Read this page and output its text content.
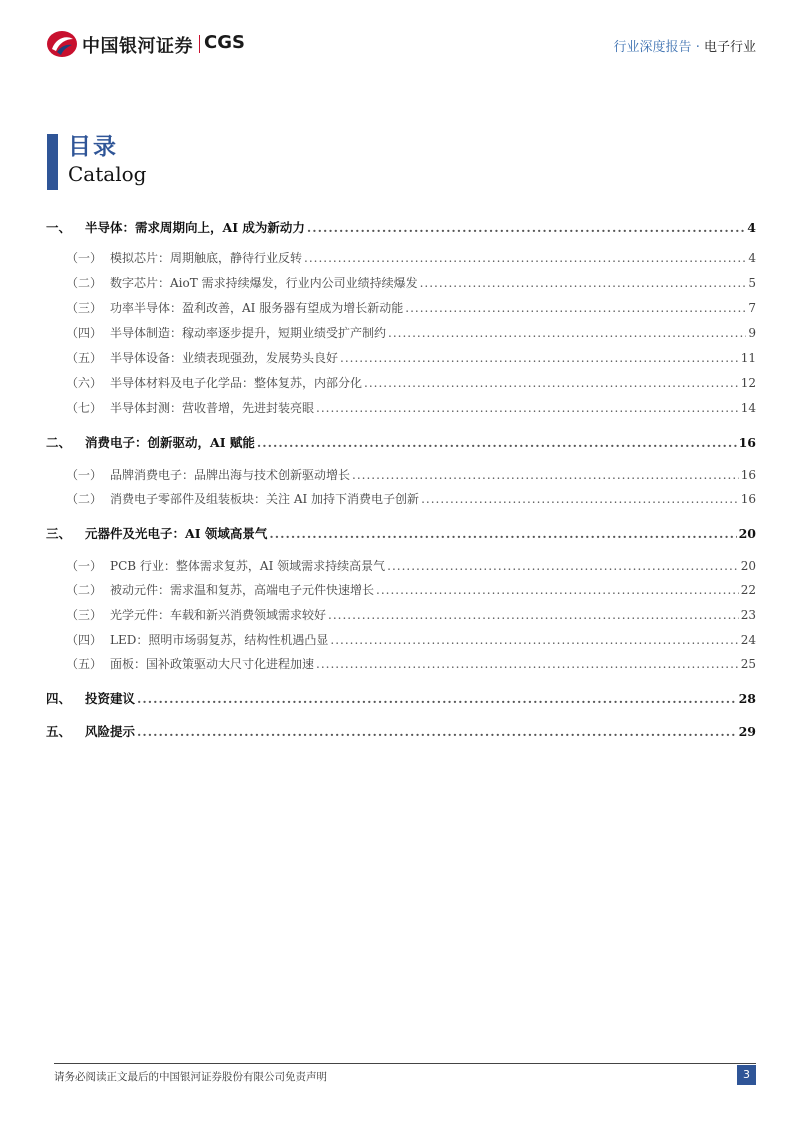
中国银河证券 CGS	行业深度报告 · 电子行业
目录
Catalog
一、 半导体：需求周期向上，AI 成为新动力 .....	4
（一） 模拟芯片：周期触底，静待行业反转 .....	4
（二） 数字芯片：AioT 需求持续爆发，行业内公司业绩持续爆发 .....	5
（三） 功率半导体：盈利改善，AI 服务器有望成为增长新动能 .....	7
（四） 半导体制造：稼动率逐步提升，短期业绩受扩产制约 .....	9
（五） 半导体设备：业绩表现强劲，发展势头良好 .....	11
（六） 半导体材料及电子化学品：整体复苏，内部分化 .....	12
（七） 半导体封测：营收普增，先进封装亮眼 .....	14
二、 消费电子：创新驱动，AI 赋能 .....	16
（一） 品牌消费电子：品牌出海与技术创新驱动增长 .....	16
（二） 消费电子零部件及组装板块：关注 AI 加持下消费电子创新 .....	16
三、 元器件及光电子：AI 领域高景气 .....	20
（一） PCB 行业：整体需求复苏，AI 领域需求持续高景气 .....	20
（二） 被动元件：需求温和复苏，高端电子元件快速增长 .....	22
（三） 光学元件：车载和新兴消费领域需求较好 .....	23
（四） LED：照明市场弱复苏，结构性机遇凸显 .....	24
（五） 面板：国补政策驱动大尺寸化进程加速 .....	25
四、 投资建议 .....	28
五、 风险提示 .....	29
请务必阅读正文最后的中国银河证券股份有限公司免责声明	3
